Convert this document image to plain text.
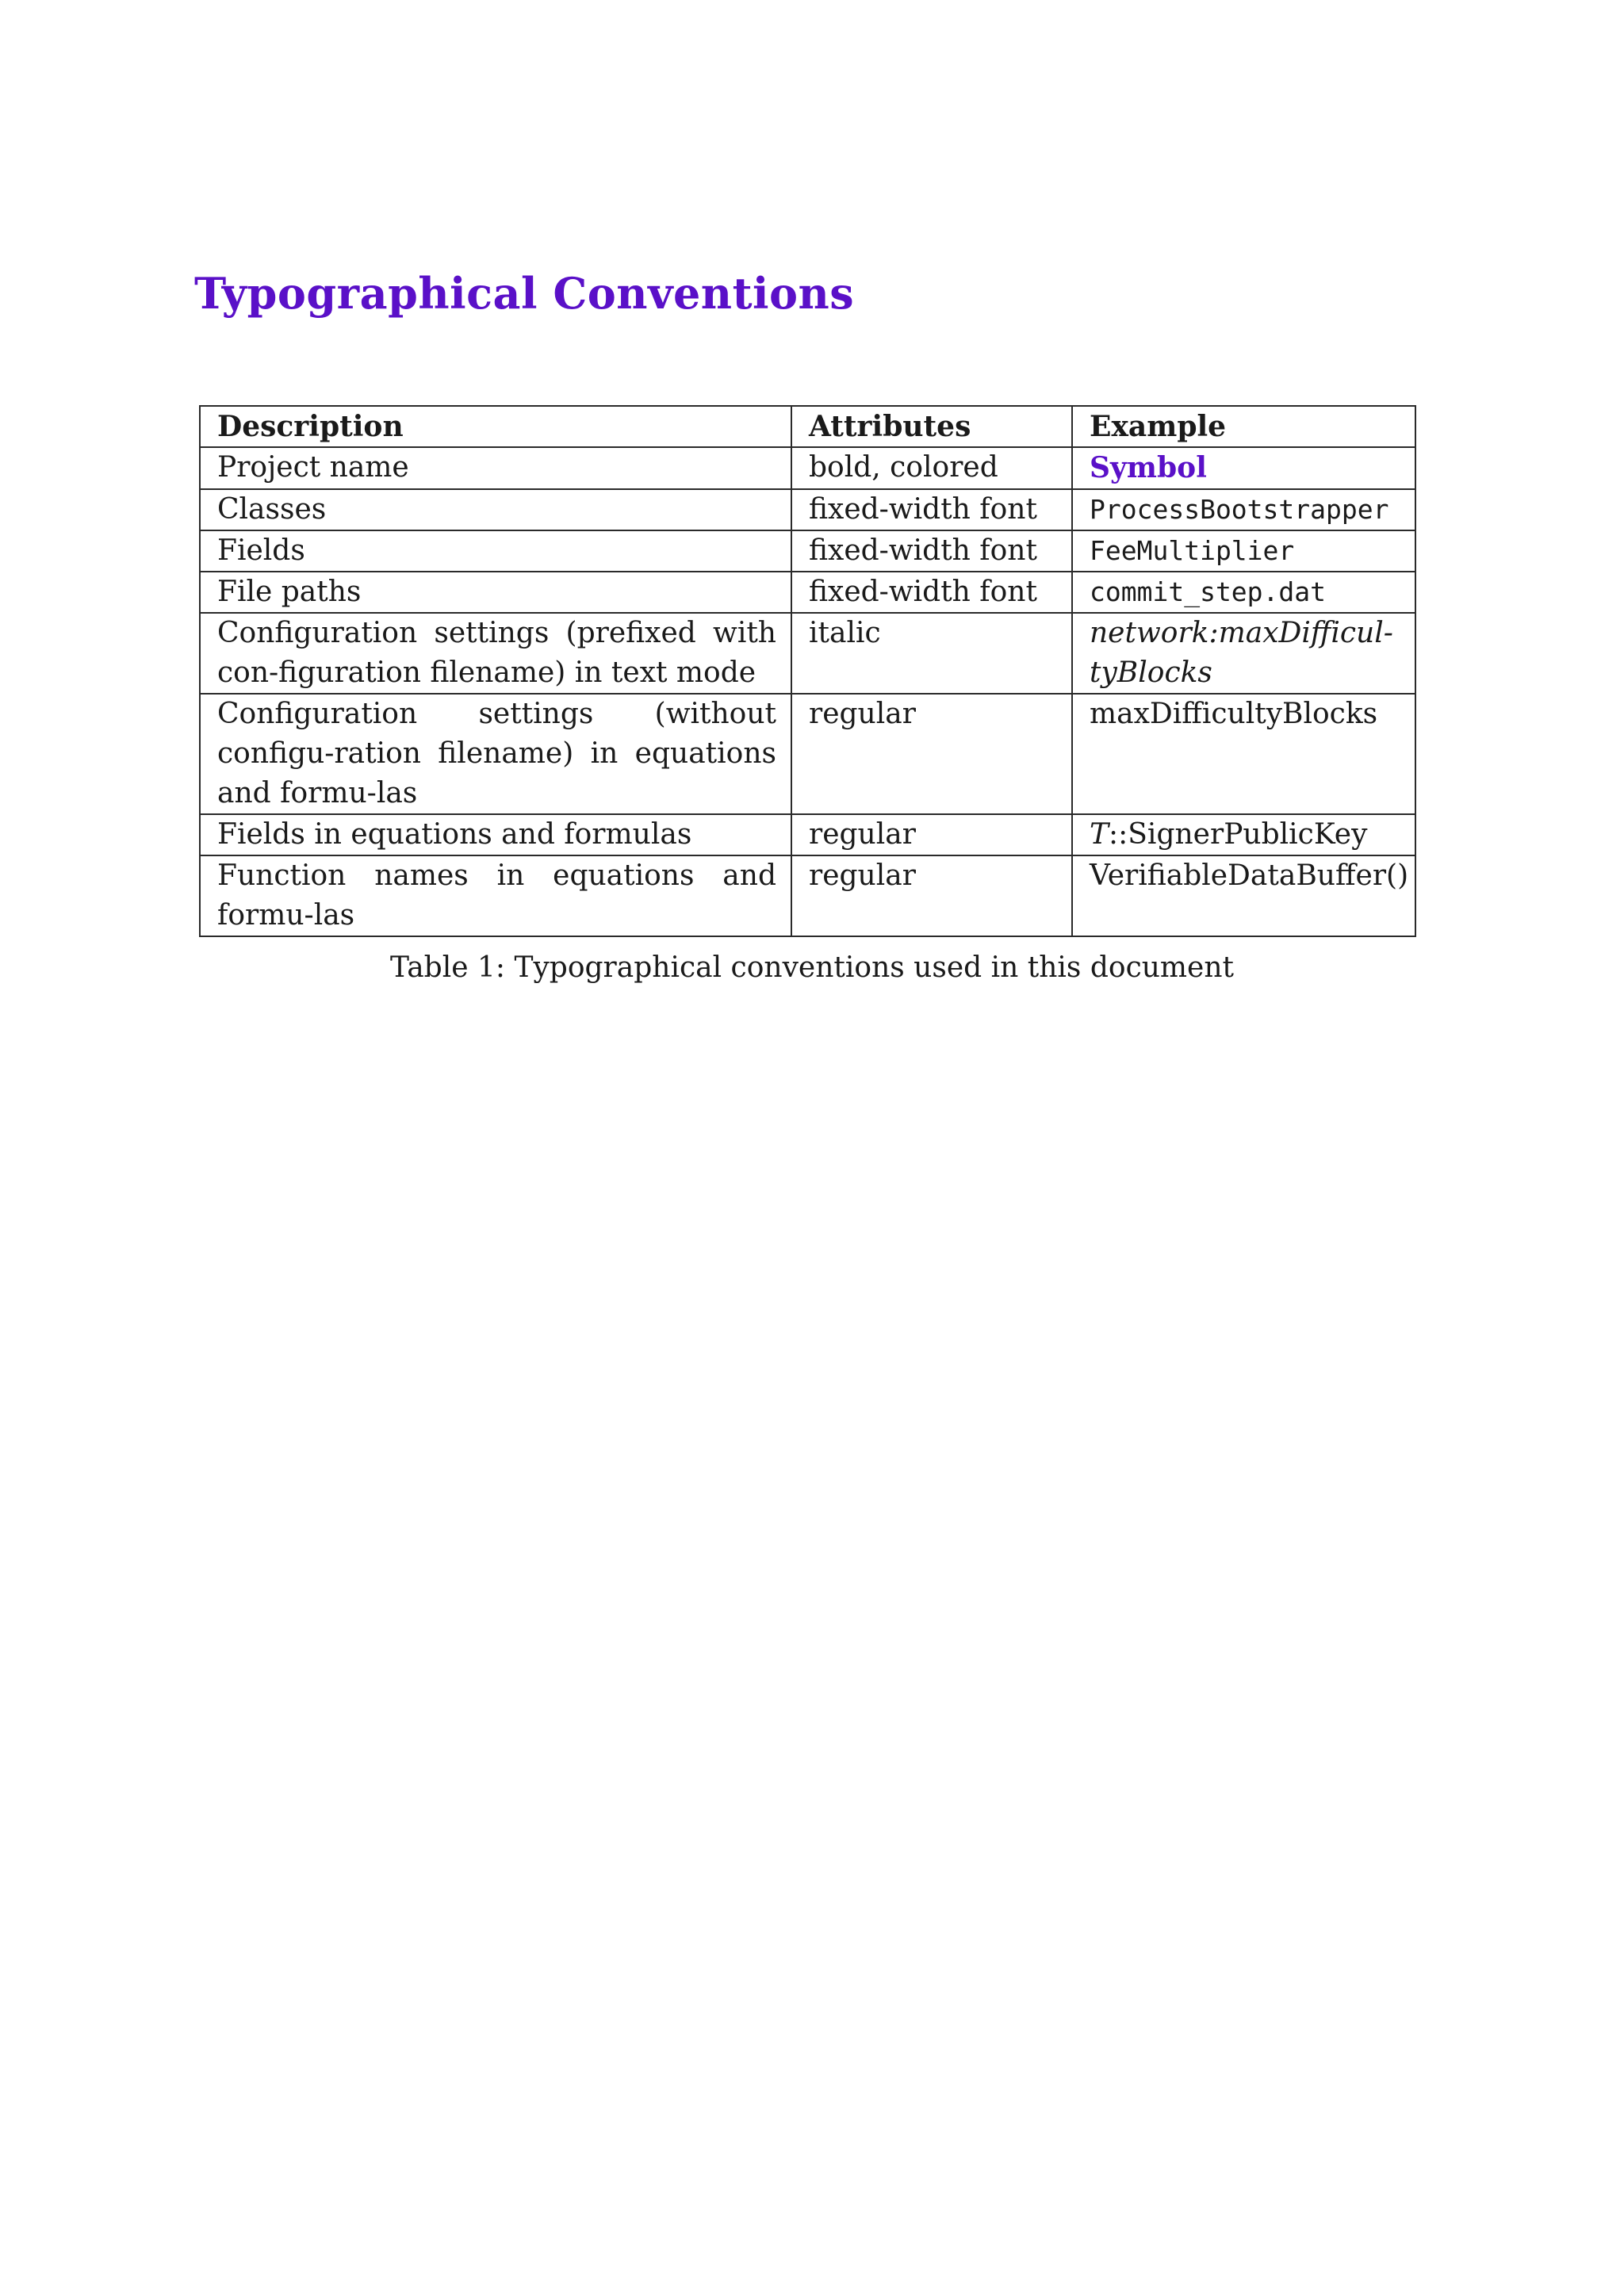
Typographical Conventions
Description	Attributes	Example
Project name	bold, colored	Symbol
Classes	fixed-width font	ProcessBootstrapper
Fields	fixed-width font	FeeMultiplier
File paths	fixed-width font	commit_step.dat
Configuration settings (prefixed with con-figuration filename) in text mode	italic	network:maxDifficul-tyBlocks
Configuration settings (without configu-ration filename) in equations and formu-las	regular	maxDifficultyBlocks
Fields in equations and formulas	regular	T::SignerPublicKey
Function names in equations and formu-las	regular	VerifiableDataBuffer()
Table 1: Typographical conventions used in this document
